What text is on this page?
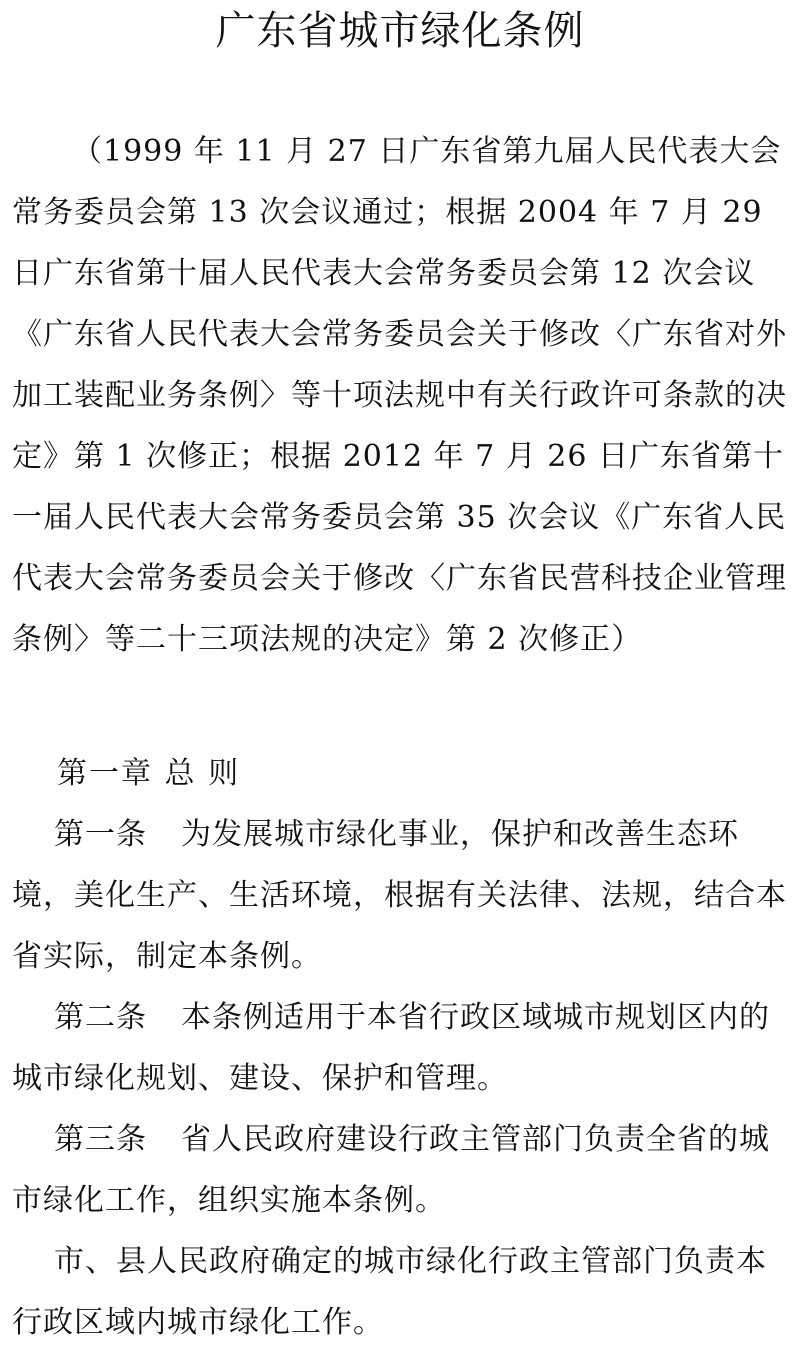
广东省城市绿化条例

（1999 年 11 月 27 日广东省第九届人民代表大会常务委员会第 13 次会议通过；根据 2004 年 7 月 29 日广东省第十届人民代表大会常务委员会第 12 次会议《广东省人民代表大会常务委员会关于修改〈广东省对外加工装配业务条例〉等十项法规中有关行政许可条款的决定》第 1 次修正；根据 2012 年 7 月 26 日广东省第十一届人民代表大会常务委员会第 35 次会议《广东省人民代表大会常务委员会关于修改〈广东省民营科技企业管理条例〉等二十三项法规的决定》第 2 次修正）

第一章 总 则

第一条 为发展城市绿化事业，保护和改善生态环境，美化生产、生活环境，根据有关法律、法规，结合本省实际，制定本条例。

第二条 本条例适用于本省行政区域城市规划区内的城市绿化规划、建设、保护和管理。

第三条 省人民政府建设行政主管部门负责全省的城市绿化工作，组织实施本条例。

市、县人民政府确定的城市绿化行政主管部门负责本行政区域内城市绿化工作。
